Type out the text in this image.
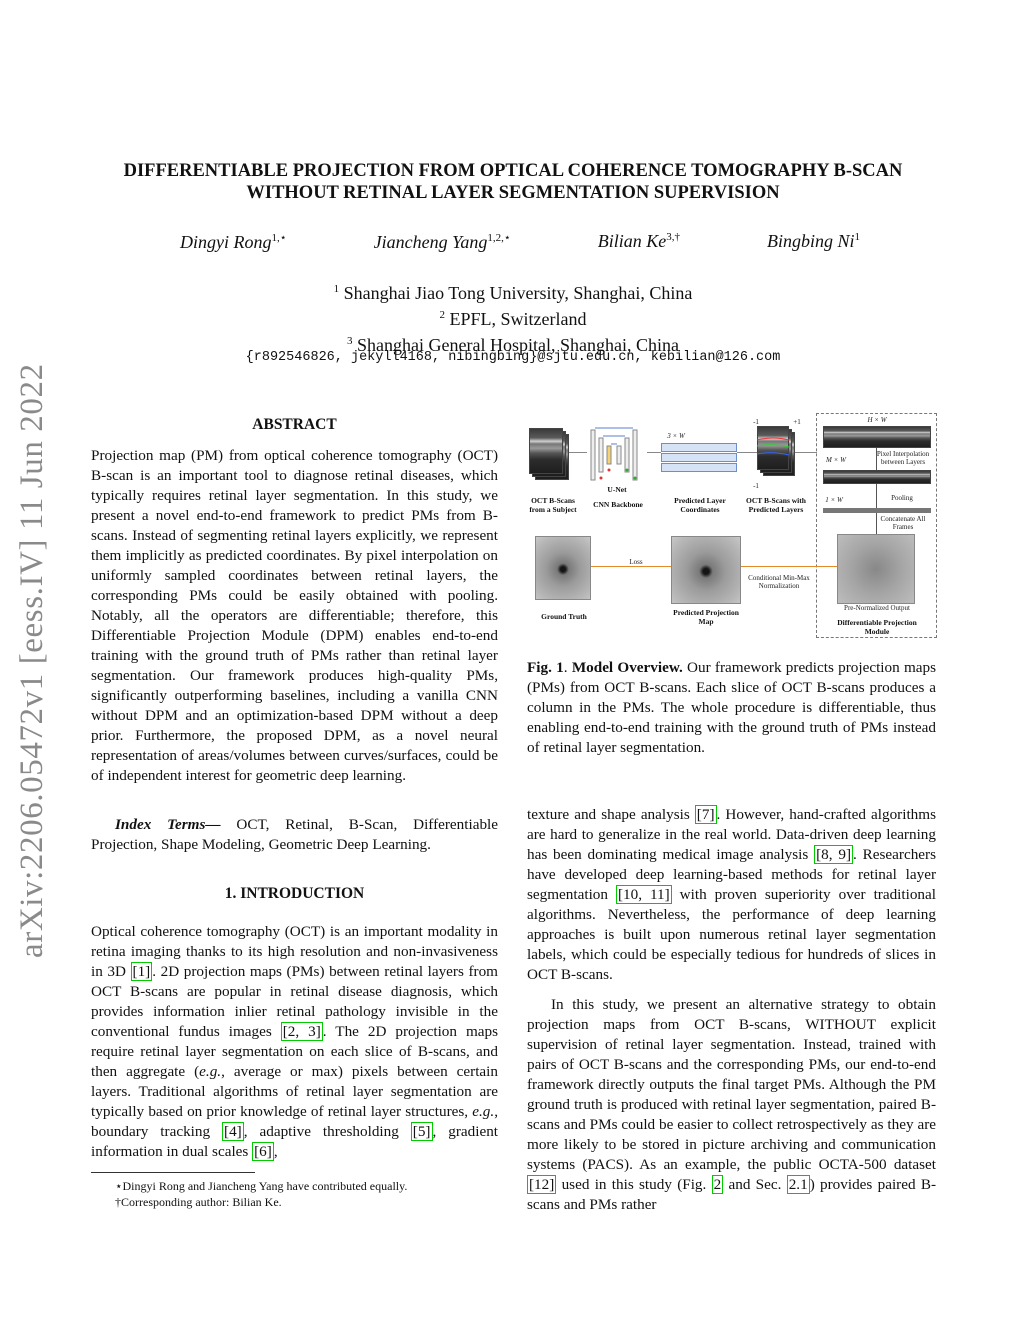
arXiv:2206.05472v1 [eess.IV] 11 Jun 2022
DIFFERENTIABLE PROJECTION FROM OPTICAL COHERENCE TOMOGRAPHY B-SCAN
WITHOUT RETINAL LAYER SEGMENTATION SUPERVISION
Dingyi Rong$^{1,⋆}$	Jiancheng Yang$^{1,2,⋆}$	Bilian $Ke^{3,\dagger}$	Bingbing Ni$^1$
$^1$ Shanghai Jiao Tong University, Shanghai, China
$^2$ EPFL, Switzerland
$^3$ Shanghai General Hospital, Shanghai, China
{r892546826, jekyll4168, nibingbing}@sjtu.edu.cn, kebilian@126.com
ABSTRACT

Projection map (PM) from optical coherence tomography (OCT) B-scan is an important tool to diagnose retinal diseases, which typically requires retinal layer segmentation. In this study, we present a novel end-to-end framework to predict PMs from B-scans. Instead of segmenting retinal layers explicitly, we represent them implicitly as predicted coordinates. By pixel interpolation on uniformly sampled coordinates between retinal layers, the corresponding PMs could be easily obtained with pooling. Notably, all the operators are differentiable; therefore, this Differentiable Projection Module (DPM) enables end-to-end training with the ground truth of PMs rather than retinal layer segmentation. Our framework produces high-quality PMs, significantly outperforming baselines, including a vanilla CNN without DPM and an optimization-based DPM without a deep prior. Furthermore, the proposed DPM, as a novel neural representation of areas/volumes between curves/surfaces, could be of independent interest for geometric deep learning.

Index Terms— OCT, Retinal, B-Scan, Differentiable Projection, Shape Modeling, Geometric Deep Learning.

1. INTRODUCTION

Optical coherence tomography (OCT) is an important modality in retina imaging thanks to its high resolution and non-invasiveness in 3D [1] . 2D projection maps (PMs) between retinal layers from OCT B-scans are popular in retinal disease diagnosis, which provides information inlier retinal pathology invisible in the conventional fundus images [2, 3] . The 2D projection maps require retinal layer segmentation on each slice of B-scans, and then aggregate (e.g., average or max) pixels between certain layers. Traditional algorithms of retinal layer segmentation are typically based on prior knowledge of retinal layer structures, e.g., boundary tracking [4] , adaptive thresholding [5] , gradient information in dual scales [6] ,

⋆Dingyi Rong and Jiancheng Yang have contributed equally.
†Corresponding author: Bilian Ke.
OCT B-Scans from a Subject
U-Net
CNN Backbone
3 × W
Predicted Layer Coordinates
-1	+1
-1
OCT B-Scans with Predicted Layers
H × W
M × W
Pixel Interpolation between Layers
1 × W	Pooling
Concatenate All Frames
Pre-Normalized Output
Differentiable Projection Module
Ground Truth
Loss
Predicted Projection Map
Conditional Min-Max Normalization
Fig. 1. Model Overview. Our framework predicts projection maps (PMs) from OCT B-scans. Each slice of OCT B-scans produces a column in the PMs. The whole procedure is differentiable, thus enabling end-to-end training with the ground truth of PMs instead of retinal layer segmentation.

texture and shape analysis [7] . However, hand-crafted algorithms are hard to generalize in the real world. Data-driven deep learning has been dominating medical image analysis [8, 9] . Researchers have developed deep learning-based methods for retinal layer segmentation [10, 11] with proven superiority over traditional algorithms. Nevertheless, the performance of deep learning approaches is built upon numerous retinal layer segmentation labels, which could be especially tedious for hundreds of slices in OCT B-scans.

In this study, we present an alternative strategy to obtain projection maps from OCT B-scans, WITHOUT explicit supervision of retinal layer segmentation. Instead, trained with pairs of OCT B-scans and the corresponding PMs, our end-to-end framework directly outputs the final target PMs. Although the PM ground truth is produced with retinal layer segmentation, paired B-scans and PMs could be easier to collect retrospectively as they are more likely to be stored in picture archiving and communication systems (PACS). As an example, the public OCTA-500 dataset [12] used in this study (Fig. 2 and Sec. 2.1 ) provides paired B-scans and PMs rather
